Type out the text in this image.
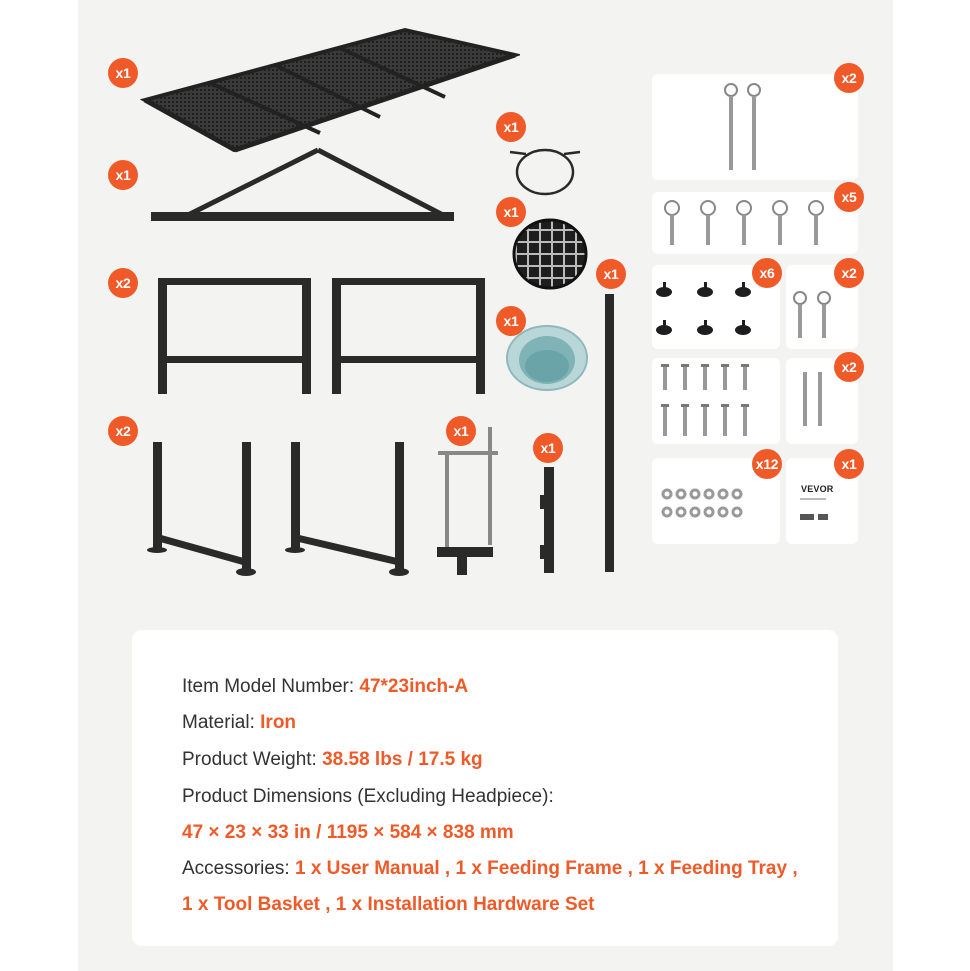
VEVOR
x1
x1
x2
x2
x1
x1
x1
x1
x1
x1
x2
x5
x6	x2
x2
x12	x1
Item Model Number: 47*23inch-A
Material: Iron
Product Weight: 38.58 lbs / 17.5 kg
Product Dimensions (Excluding Headpiece):
47 × 23 × 33 in / 1195 × 584 × 838 mm
Accessories: 1 x User Manual , 1 x Feeding Frame , 1 x Feeding Tray ,
1 x Tool Basket , 1 x Installation Hardware Set
